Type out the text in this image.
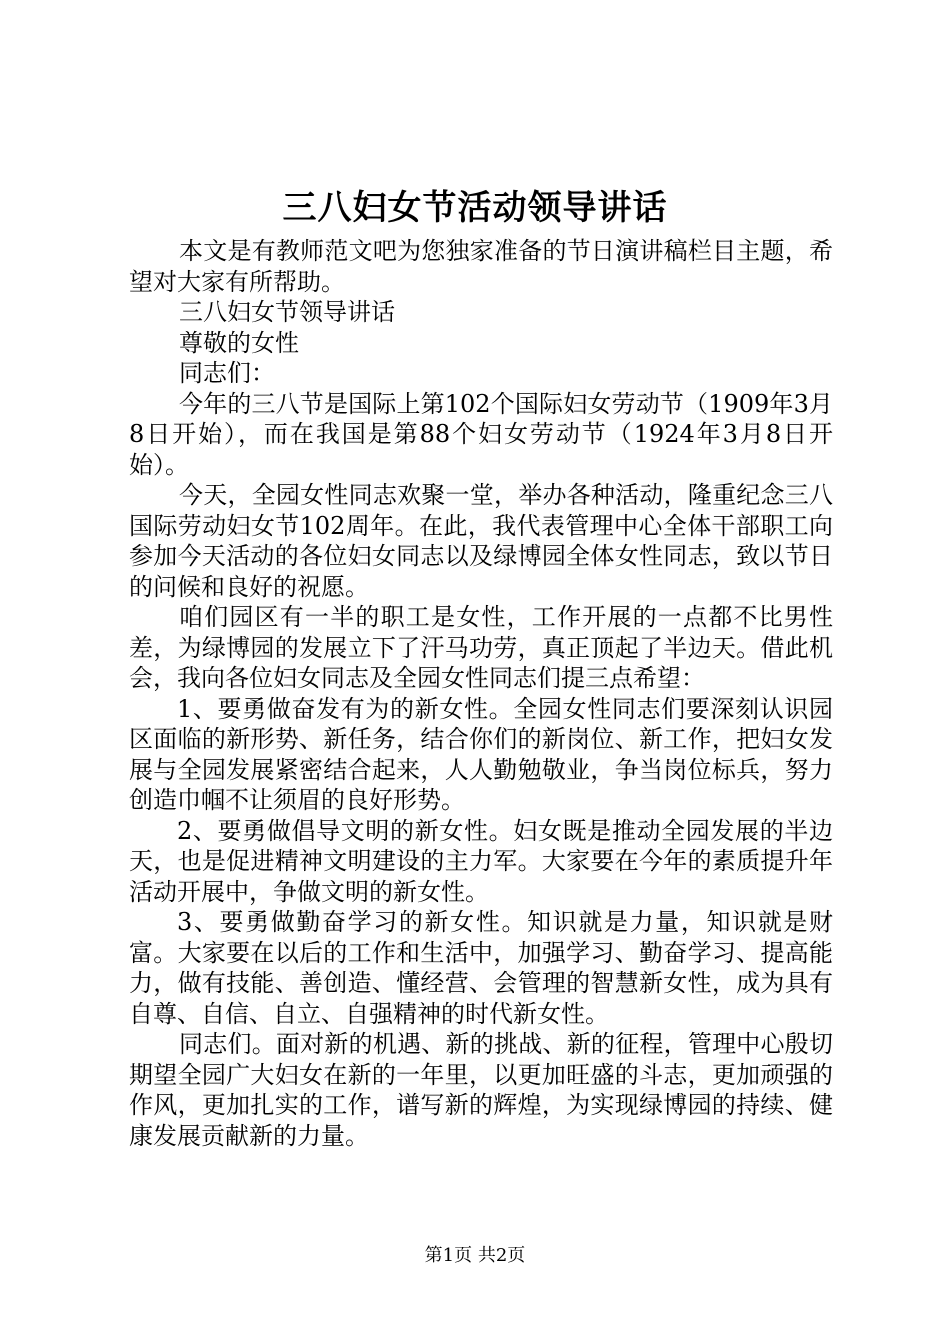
三八妇女节活动领导讲话

本文是有教师范文吧为您独家准备的节日演讲稿栏目主题，希望对大家有所帮助。

三八妇女节领导讲话

尊敬的女性

同志们：

今年的三八节是国际上第102个国际妇女劳动节（1909年3月8日开始），而在我国是第88个妇女劳动节（1924年3月8日开始）。

今天，全园女性同志欢聚一堂，举办各种活动，隆重纪念三八国际劳动妇女节102周年。在此，我代表管理中心全体干部职工向参加今天活动的各位妇女同志以及绿博园全体女性同志，致以节日的问候和良好的祝愿。

咱们园区有一半的职工是女性，工作开展的一点都不比男性差，为绿博园的发展立下了汗马功劳，真正顶起了半边天。借此机会，我向各位妇女同志及全园女性同志们提三点希望：

1、要勇做奋发有为的新女性。全园女性同志们要深刻认识园区面临的新形势、新任务，结合你们的新岗位、新工作，把妇女发展与全园发展紧密结合起来，人人勤勉敬业，争当岗位标兵，努力创造巾帼不让须眉的良好形势。

2、要勇做倡导文明的新女性。妇女既是推动全园发展的半边天，也是促进精神文明建设的主力军。大家要在今年的素质提升年活动开展中，争做文明的新女性。

3、要勇做勤奋学习的新女性。知识就是力量，知识就是财富。大家要在以后的工作和生活中，加强学习、勤奋学习、提高能力，做有技能、善创造、懂经营、会管理的智慧新女性，成为具有自尊、自信、自立、自强精神的时代新女性。

同志们。面对新的机遇、新的挑战、新的征程，管理中心殷切期望全园广大妇女在新的一年里，以更加旺盛的斗志，更加顽强的作风，更加扎实的工作，谱写新的辉煌，为实现绿博园的持续、健康发展贡献新的力量。

第1页 共2页
